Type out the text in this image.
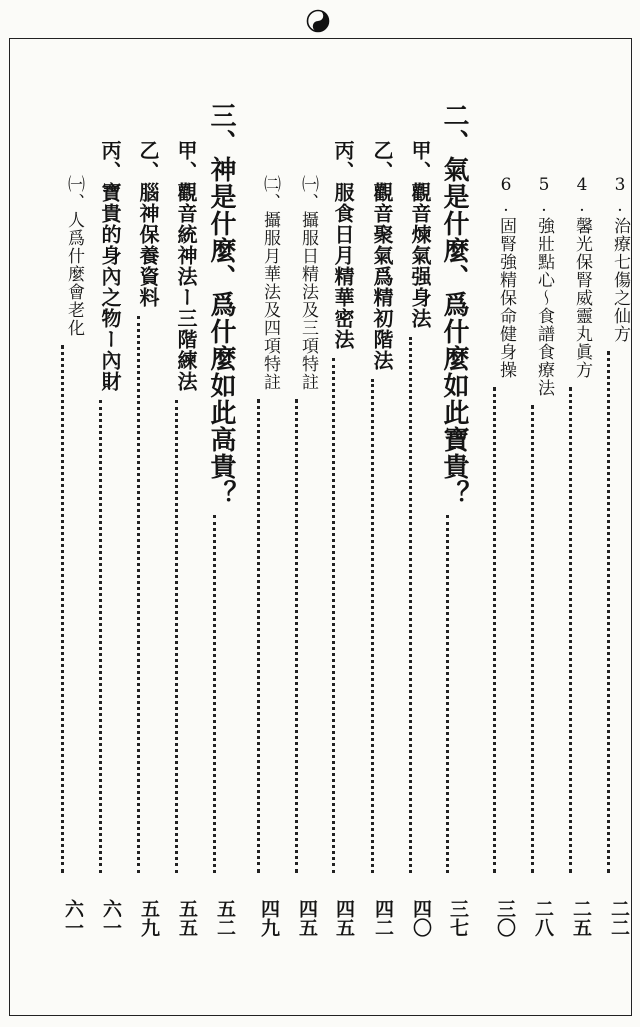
3.治療七傷之仙方
二二
4.馨光保腎威靈丸眞方
二五
5.強壯點心〜食譜食療法
二八
6.固腎強精保命健身操
三〇
二、氣是什麼、爲什麼如此寶貴？
三七
甲、觀音煉氣强身法
四〇
乙、觀音聚氣爲精初階法
四二
丙、服食日月精華密法
四五
㈠、攝服日精法及三項特註
四五
㈡、攝服月華法及四項特註
四九
三、神是什麼、爲什麼如此高貴？
五二
甲、觀音統神法ー三階練法
五五
乙、腦神保養資料
五九
丙、寶貴的身內之物ー內財
六一
㈠、人爲什麼會老化
六一
